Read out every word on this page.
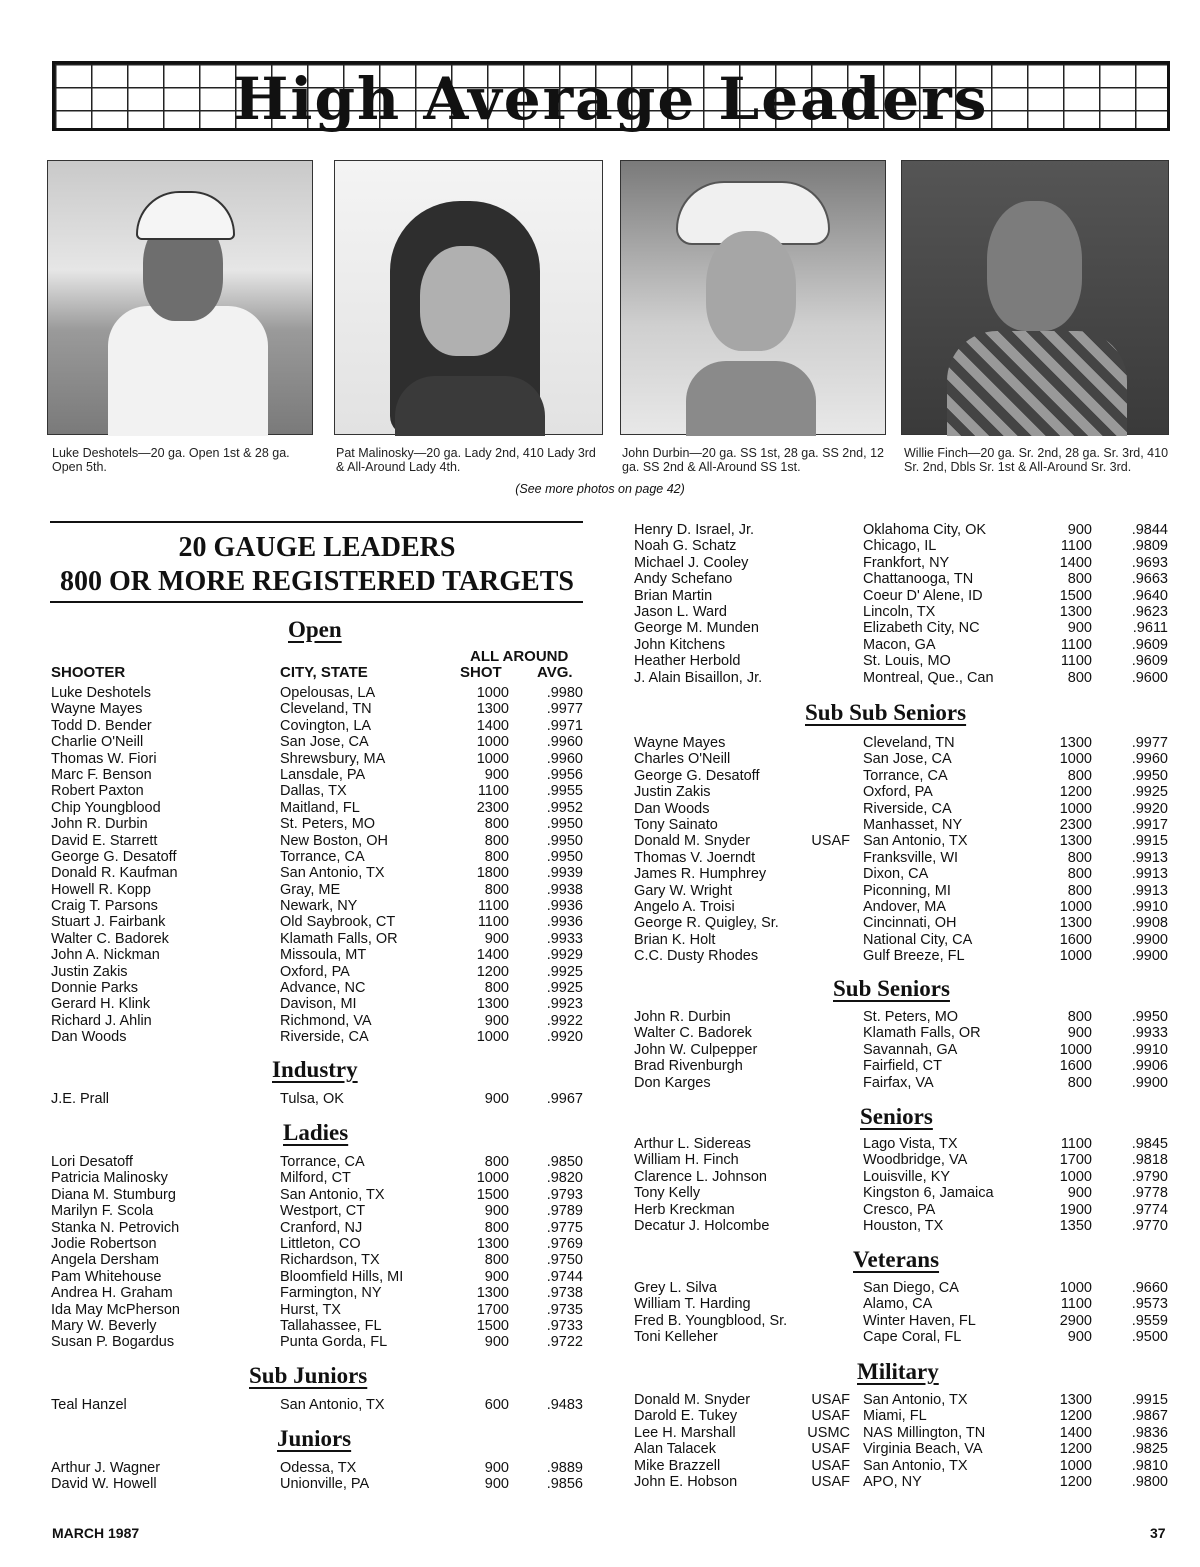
High Average Leaders
Luke Deshotels—20 ga. Open 1st & 28 ga. Open 5th.
Pat Malinosky—20 ga. Lady 2nd, 410 Lady 3rd & All-Around Lady 4th.
John Durbin—20 ga. SS 1st, 28 ga. SS 2nd, 12 ga. SS 2nd & All-Around SS 1st.
Willie Finch—20 ga. Sr. 2nd, 28 ga. Sr. 3rd, 410 Sr. 2nd, Dbls Sr. 1st & All-Around Sr. 3rd.
(See more photos on page 42)
20 GAUGE LEADERS
800 OR MORE REGISTERED TARGETS
ALL AROUND
SHOOTER	CITY, STATE	SHOT AVG.
Open
Industry
Ladies
Sub Juniors
Juniors
Sub Sub Seniors
Sub Seniors
Seniors
Veterans
Military
Luke Deshotels	Opelousas, LA	1000	.9980
Wayne Mayes	Cleveland, TN	1300	.9977
Todd D. Bender	Covington, LA	1400	.9971
Charlie O'Neill	San Jose, CA	1000	.9960
Thomas W. Fiori	Shrewsbury, MA	1000	.9960
Marc F. Benson	Lansdale, PA	900	.9956
Robert Paxton	Dallas, TX	1100	.9955
Chip Youngblood	Maitland, FL	2300	.9952
John R. Durbin	St. Peters, MO	800	.9950
David E. Starrett	New Boston, OH	800	.9950
George G. Desatoff	Torrance, CA	800	.9950
Donald R. Kaufman	San Antonio, TX	1800	.9939
Howell R. Kopp	Gray, ME	800	.9938
Craig T. Parsons	Newark, NY	1100	.9936
Stuart J. Fairbank	Old Saybrook, CT	1100	.9936
Walter C. Badorek	Klamath Falls, OR	900	.9933
John A. Nickman	Missoula, MT	1400	.9929
Justin Zakis	Oxford, PA	1200	.9925
Donnie Parks	Advance, NC	800	.9925
Gerard H. Klink	Davison, MI	1300	.9923
Richard J. Ahlin	Richmond, VA	900	.9922
Dan Woods	Riverside, CA	1000	.9920
J.E. Prall	Tulsa, OK	900	.9967
Lori Desatoff	Torrance, CA	800	.9850
Patricia Malinosky	Milford, CT	1000	.9820
Diana M. Stumburg	San Antonio, TX	1500	.9793
Marilyn F. Scola	Westport, CT	900	.9789
Stanka N. Petrovich	Cranford, NJ	800	.9775
Jodie Robertson	Littleton, CO	1300	.9769
Angela Dersham	Richardson, TX	800	.9750
Pam Whitehouse	Bloomfield Hills, MI	900	.9744
Andrea H. Graham	Farmington, NY	1300	.9738
Ida May McPherson	Hurst, TX	1700	.9735
Mary W. Beverly	Tallahassee, FL	1500	.9733
Susan P. Bogardus	Punta Gorda, FL	900	.9722
Teal Hanzel	San Antonio, TX	600	.9483
Arthur J. Wagner	Odessa, TX	900	.9889
David W. Howell	Unionville, PA	900	.9856
Henry D. Israel, Jr.	Oklahoma City, OK	900	.9844
Noah G. Schatz	Chicago, IL	1100	.9809
Michael J. Cooley	Frankfort, NY	1400	.9693
Andy Schefano	Chattanooga, TN	800	.9663
Brian Martin	Coeur D' Alene, ID	1500	.9640
Jason L. Ward	Lincoln, TX	1300	.9623
George M. Munden	Elizabeth City, NC	900	.9611
John Kitchens	Macon, GA	1100	.9609
Heather Herbold	St. Louis, MO	1100	.9609
J. Alain Bisaillon, Jr.	Montreal, Que., Can	800	.9600
Wayne Mayes	Cleveland, TN	1300	.9977
Charles O'Neill	San Jose, CA	1000	.9960
George G. Desatoff	Torrance, CA	800	.9950
Justin Zakis	Oxford, PA	1200	.9925
Dan Woods	Riverside, CA	1000	.9920
Tony Sainato	Manhasset, NY	2300	.9917
Donald M. Snyder	USAF San Antonio, TX	1300	.9915
Thomas V. Joerndt	Franksville, WI	800	.9913
James R. Humphrey	Dixon, CA	800	.9913
Gary W. Wright	Piconning, MI	800	.9913
Angelo A. Troisi	Andover, MA	1000	.9910
George R. Quigley, Sr.	Cincinnati, OH	1300	.9908
Brian K. Holt	National City, CA	1600	.9900
C.C. Dusty Rhodes	Gulf Breeze, FL	1000	.9900
John R. Durbin	St. Peters, MO	800	.9950
Walter C. Badorek	Klamath Falls, OR	900	.9933
John W. Culpepper	Savannah, GA	1000	.9910
Brad Rivenburgh	Fairfield, CT	1600	.9906
Don Karges	Fairfax, VA	800	.9900
Arthur L. Sidereas	Lago Vista, TX	1100	.9845
William H. Finch	Woodbridge, VA	1700	.9818
Clarence L. Johnson	Louisville, KY	1000	.9790
Tony Kelly	Kingston 6, Jamaica	900	.9778
Herb Kreckman	Cresco, PA	1900	.9774
Decatur J. Holcombe	Houston, TX	1350	.9770
Grey L. Silva	San Diego, CA	1000	.9660
William T. Harding	Alamo, CA	1100	.9573
Fred B. Youngblood, Sr.	Winter Haven, FL	2900	.9559
Toni Kelleher	Cape Coral, FL	900	.9500
Donald M. Snyder	USAF San Antonio, TX	1300	.9915
Darold E. Tukey	USAF Miami, FL	1200	.9867
Lee H. Marshall	USMC NAS Millington, TN	1400	.9836
Alan Talacek	USAF Virginia Beach, VA	1200	.9825
Mike Brazzell	USAF San Antonio, TX	1000	.9810
John E. Hobson	USAF APO, NY	1200	.9800
MARCH 1987	37
